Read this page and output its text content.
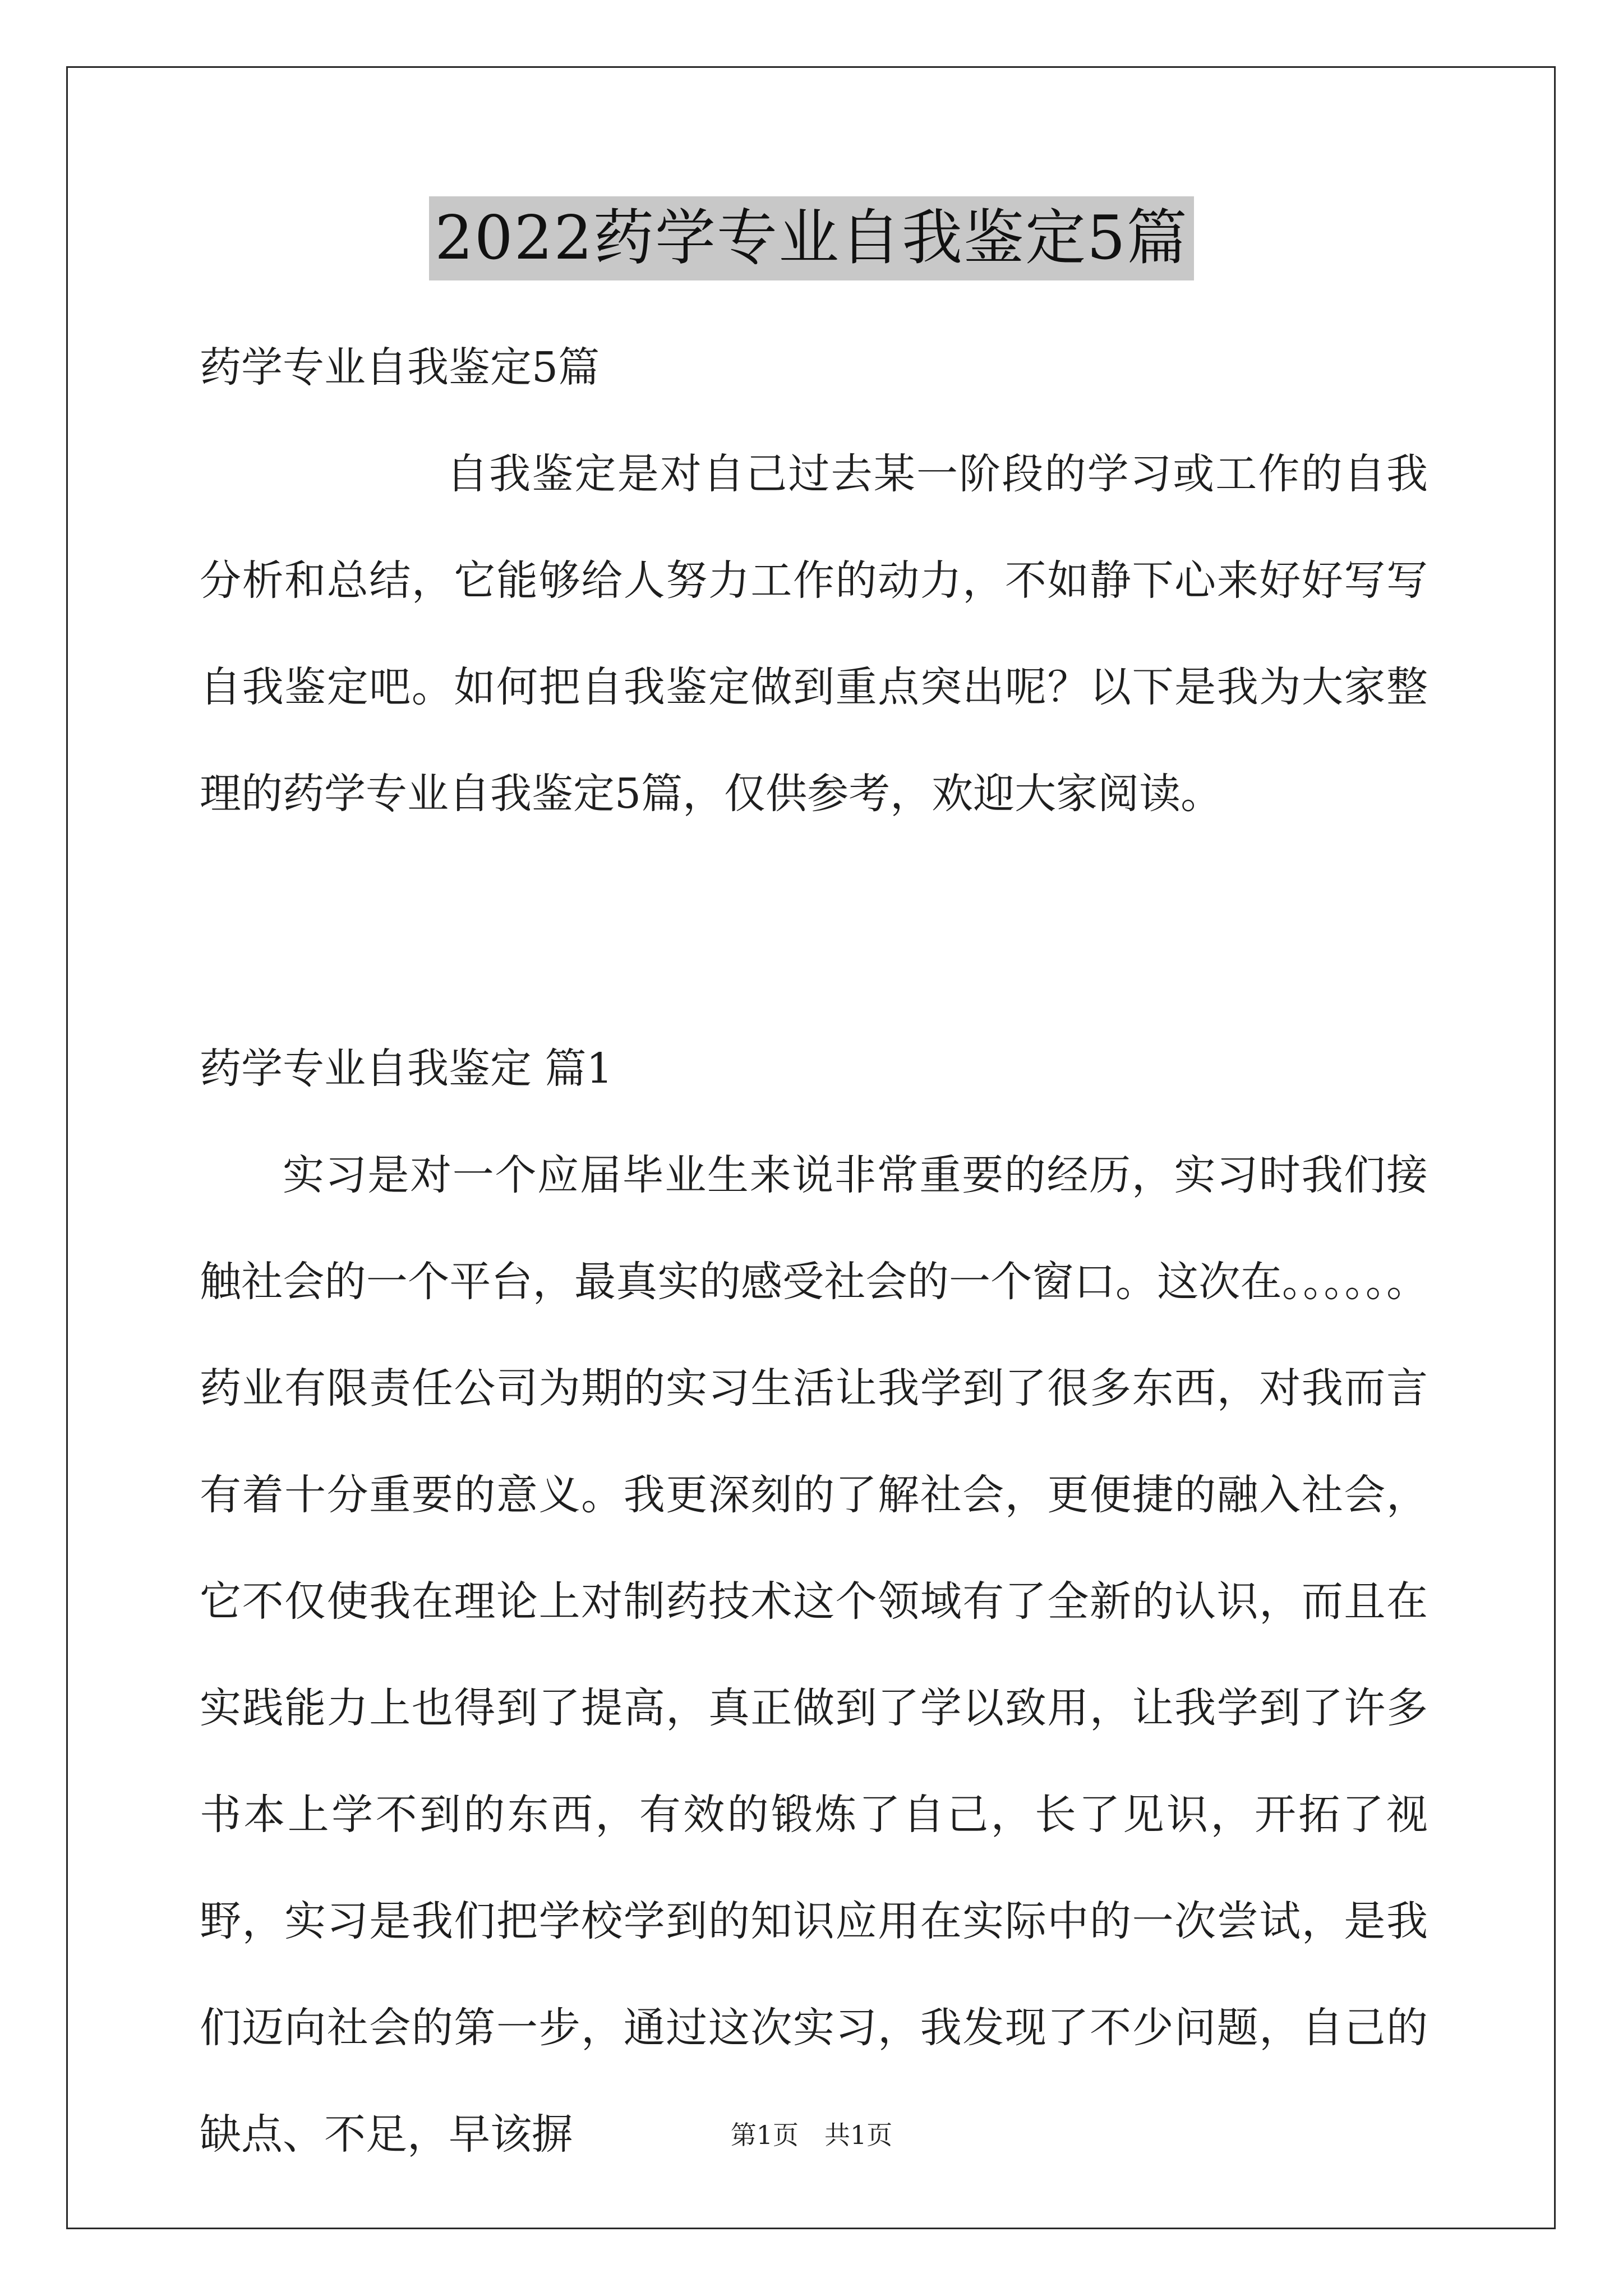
2022药学专业自我鉴定5篇

药学专业自我鉴定5篇

自我鉴定是对自己过去某一阶段的学习或工作的自我分析和总结，它能够给人努力工作的动力，不如静下心来好好写写自我鉴定吧。如何把自我鉴定做到重点突出呢？以下是我为大家整理的药学专业自我鉴定5篇，仅供参考，欢迎大家阅读。

药学专业自我鉴定 篇1

实习是对一个应届毕业生来说非常重要的经历，实习时我们接触社会的一个平台，最真实的感受社会的一个窗口。这次在。。。。。。药业有限责任公司为期的实习生活让我学到了很多东西，对我而言有着十分重要的意义。我更深刻的了解社会，更便捷的融入社会，它不仅使我在理论上对制药技术这个领域有了全新的认识，而且在实践能力上也得到了提高，真正做到了学以致用，让我学到了许多书本上学不到的东西，有效的锻炼了自己，长了见识，开拓了视野，实习是我们把学校学到的知识应用在实际中的一次尝试，是我们迈向社会的第一步，通过这次实习，我发现了不少问题，自己的缺点、不足，早该摒	第1页　共1页
